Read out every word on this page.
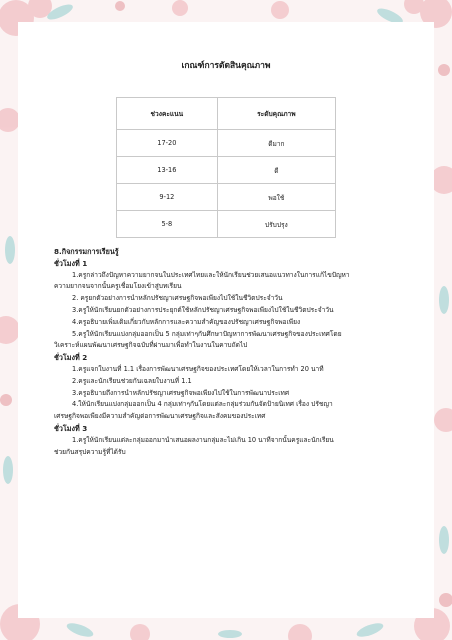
เกณฑ์การตัดสินคุณภาพ

ช่วงคะแนน	ระดับคุณภาพ
17-20	ดีมาก
13-16	ดี
9-12	พอใช้
5-8	ปรับปรุง

8.กิจกรรมการเรียนรู้

ชั่วโมงที่ 1

1.ครูกล่าวถึงปัญหาความยากจนในประเทศไทยและให้นักเรียนช่วยเสนอแนวทางในการแก้ไขปัญหา

ความยากจนจากนั้นครูเชื่อมโยงเข้าสู่บทเรียน

2. ครูยกตัวอย่างการนำหลักปรัชญาเศรษฐกิจพอเพียงไปใช้ในชีวิตประจำวัน

3.ครูให้นักเรียนยกตัวอย่างการประยุกต์ใช้หลักปรัชญาเศรษฐกิจพอเพียงไปใช้ในชีวิตประจำวัน

4.ครูอธิบายเพิ่มเติมเกี่ยวกับหลักการและความสำคัญของปรัชญาเศรษฐกิจพอเพียง

5.ครูให้นักเรียนแบ่งกลุ่มออกเป็น 5 กลุ่มเท่าๆกันศึกษาปัญหาการพัฒนาเศรษฐกิจของประเทศโดย

วิเคราะห์แผนพัฒนาเศรษฐกิจฉบับที่ผ่านมาเพื่อทำในงานในคาบถัดไป

ชั่วโมงที่ 2

1.ครูแจกใบงานที่ 1.1 เรื่องการพัฒนาเศรษฐกิจของประเทศโดยให้เวลาในการทำ 20 นาที

2.ครูและนักเรียนช่วยกันเฉลยใบงานที่ 1.1

3.ครูอธิบายถึงการนำหลักปรัชญาเศรษฐกิจพอเพียงไปใช้ในการพัฒนาประเทศ

4.ให้นักเรียนแบ่งกลุ่มออกเป็น 4 กลุ่มเท่าๆกันโดยแต่ละกลุ่มร่วมกันจัดป้ายนิเทศ เรื่อง ปรัชญา

เศรษฐกิจพอเพียงมีความสำคัญต่อการพัฒนาเศรษฐกิจและสังคมของประเทศ

ชั่วโมงที่ 3

1.ครูให้นักเรียนแต่ละกลุ่มออกมานำเสนอผลงานกลุ่มละไม่เกิน 10 นาทีจากนั้นครูและนักเรียน

ช่วยกันสรุปความรู้ที่ได้รับ
